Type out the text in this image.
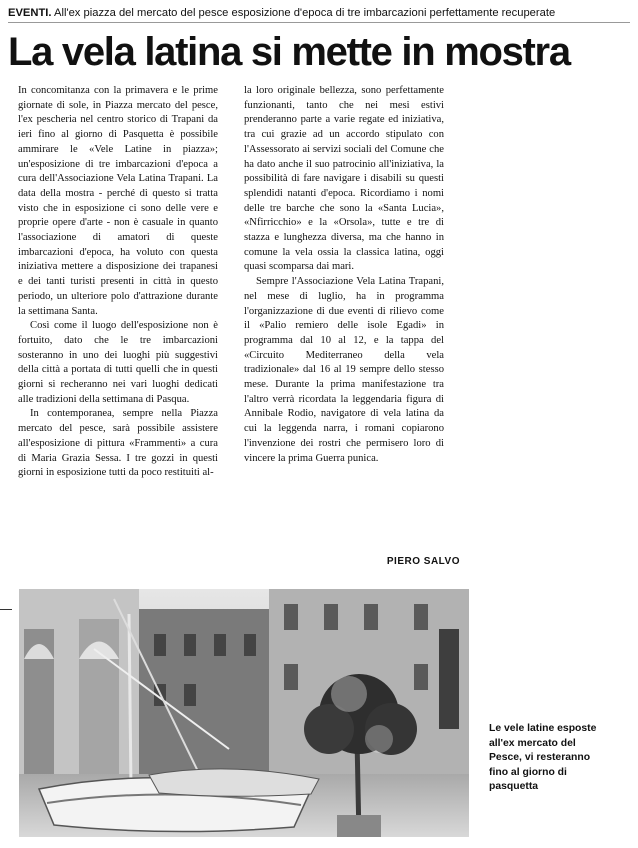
EVENTI. All'ex piazza del mercato del pesce esposizione d'epoca di tre imbarcazioni perfettamente recuperate
La vela latina si mette in mostra

In concomitanza con la primavera e le prime giornate di sole, in Piazza mercato del pesce, l'ex pescheria nel centro storico di Trapani da ieri fino al giorno di Pasquetta è possibile ammirare le «Vele Latine in piazza»; un'esposizione di tre imbarcazioni d'epoca a cura dell'Associazione Vela Latina Trapani. La data della mostra - perché di questo si tratta visto che in esposizione ci sono delle vere e proprie opere d'arte - non è casuale in quanto l'associazione di amatori di queste imbarcazioni d'epoca, ha voluto con questa iniziativa mettere a disposizione dei trapanesi e dei tanti turisti presenti in città in questo periodo, un ulteriore polo d'attrazione durante la settimana Santa.

Così come il luogo dell'esposizione non è fortuito, dato che le tre imbarcazioni sosteranno in uno dei luoghi più suggestivi della città a portata di tutti quelli che in questi giorni si recheranno nei vari luoghi dedicati alle tradizioni della settimana di Pasqua.

In contemporanea, sempre nella Piazza mercato del pesce, sarà possibile assistere all'esposizione di pittura «Frammenti» a cura di Maria Grazia Sessa. I tre gozzi in questi giorni in esposizione tutti da poco restituiti al-

la loro originale bellezza, sono perfettamente funzionanti, tanto che nei mesi estivi prenderanno parte a varie regate ed iniziativa, tra cui grazie ad un accordo stipulato con l'Assessorato ai servizi sociali del Comune che ha dato anche il suo patrocinio all'iniziativa, la possibilità di fare navigare i disabili su questi splendidi natanti d'epoca. Ricordiamo i nomi delle tre barche che sono la «Santa Lucia», «Nfirricchio» e la «Orsola», tutte e tre di stazza e lunghezza diversa, ma che hanno in comune la vela ossia la classica latina, oggi quasi scomparsa dai mari.

Sempre l'Associazione Vela Latina Trapani, nel mese di luglio, ha in programma l'organizzazione di due eventi di rilievo come il «Palio remiero delle isole Egadi» in programma dal 10 al 12, e la tappa del «Circuito Mediterraneo della vela tradizionale» dal 16 al 19 sempre dello stesso mese. Durante la prima manifestazione tra l'altro verrà ricordata la leggendaria figura di Annibale Rodio, navigatore di vela latina da cui la leggenda narra, i romani copiarono l'invenzione dei rostri che permisero loro di vincere la prima Guerra punica.

PIERO SALVO
Le vele latine esposte all'ex mercato del Pesce, vi resteranno fino al giorno di pasquetta
